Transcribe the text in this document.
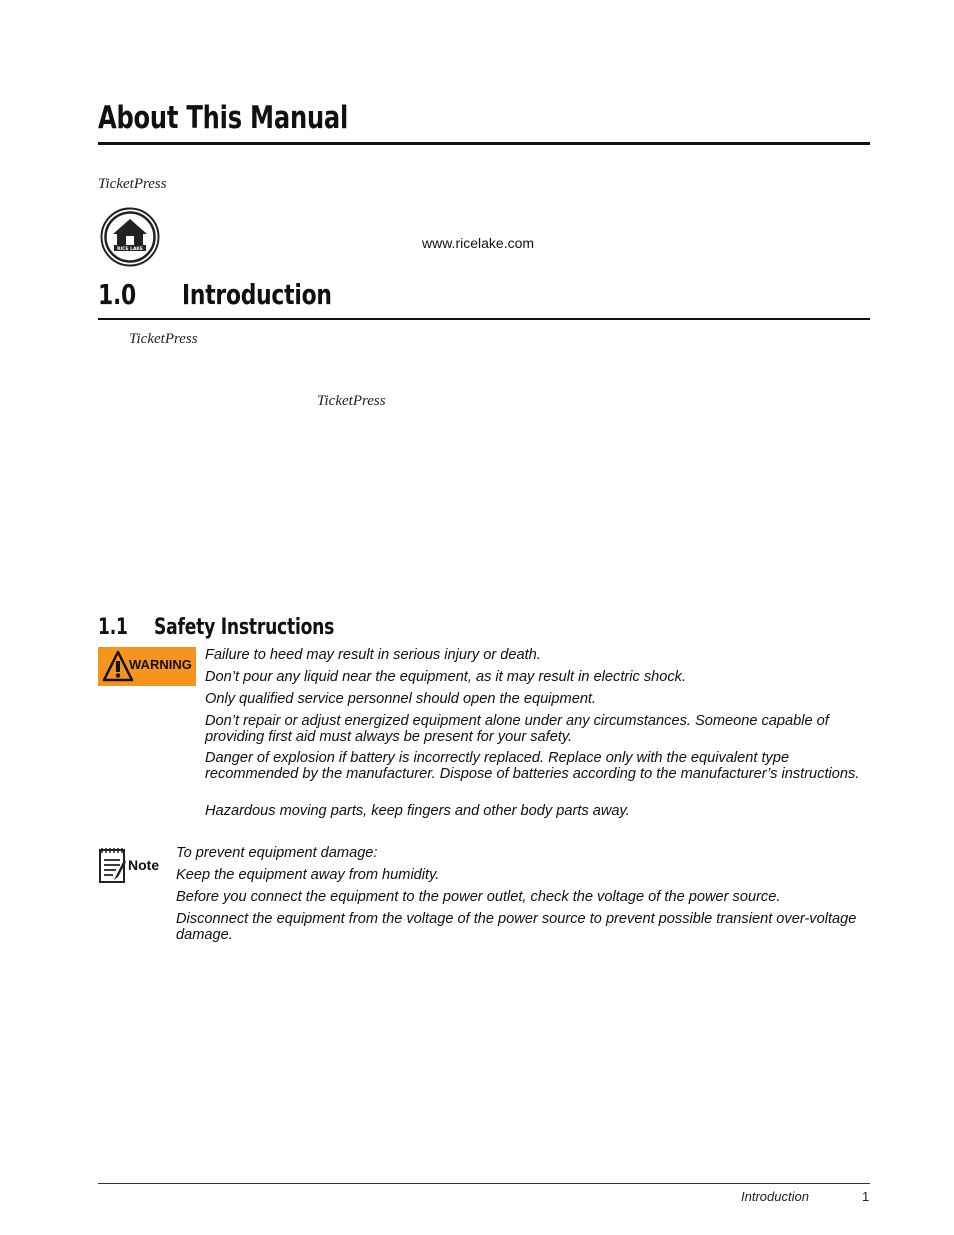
About This Manual
TicketPress
RICE LAKE	www.ricelake.com
1.0 Introduction
TicketPress
TicketPress
1.1 Safety Instructions
WARNING

Failure to heed may result in serious injury or death.

Don’t pour any liquid near the equipment, as it may result in electric shock.

Only qualified service personnel should open the equipment.

Don’t repair or adjust energized equipment alone under any circumstances. Someone capable of providing first aid must always be present for your safety.

Danger of explosion if battery is incorrectly replaced. Replace only with the equivalent type recommended by the manufacturer. Dispose of batteries according to the manufacturer’s instructions.

Hazardous moving parts, keep fingers and other body parts away.

Note

To prevent equipment damage:

Keep the equipment away from humidity.

Before you connect the equipment to the power outlet, check the voltage of the power source.

Disconnect the equipment from the voltage of the power source to prevent possible transient over-voltage damage.

Introduction	1
